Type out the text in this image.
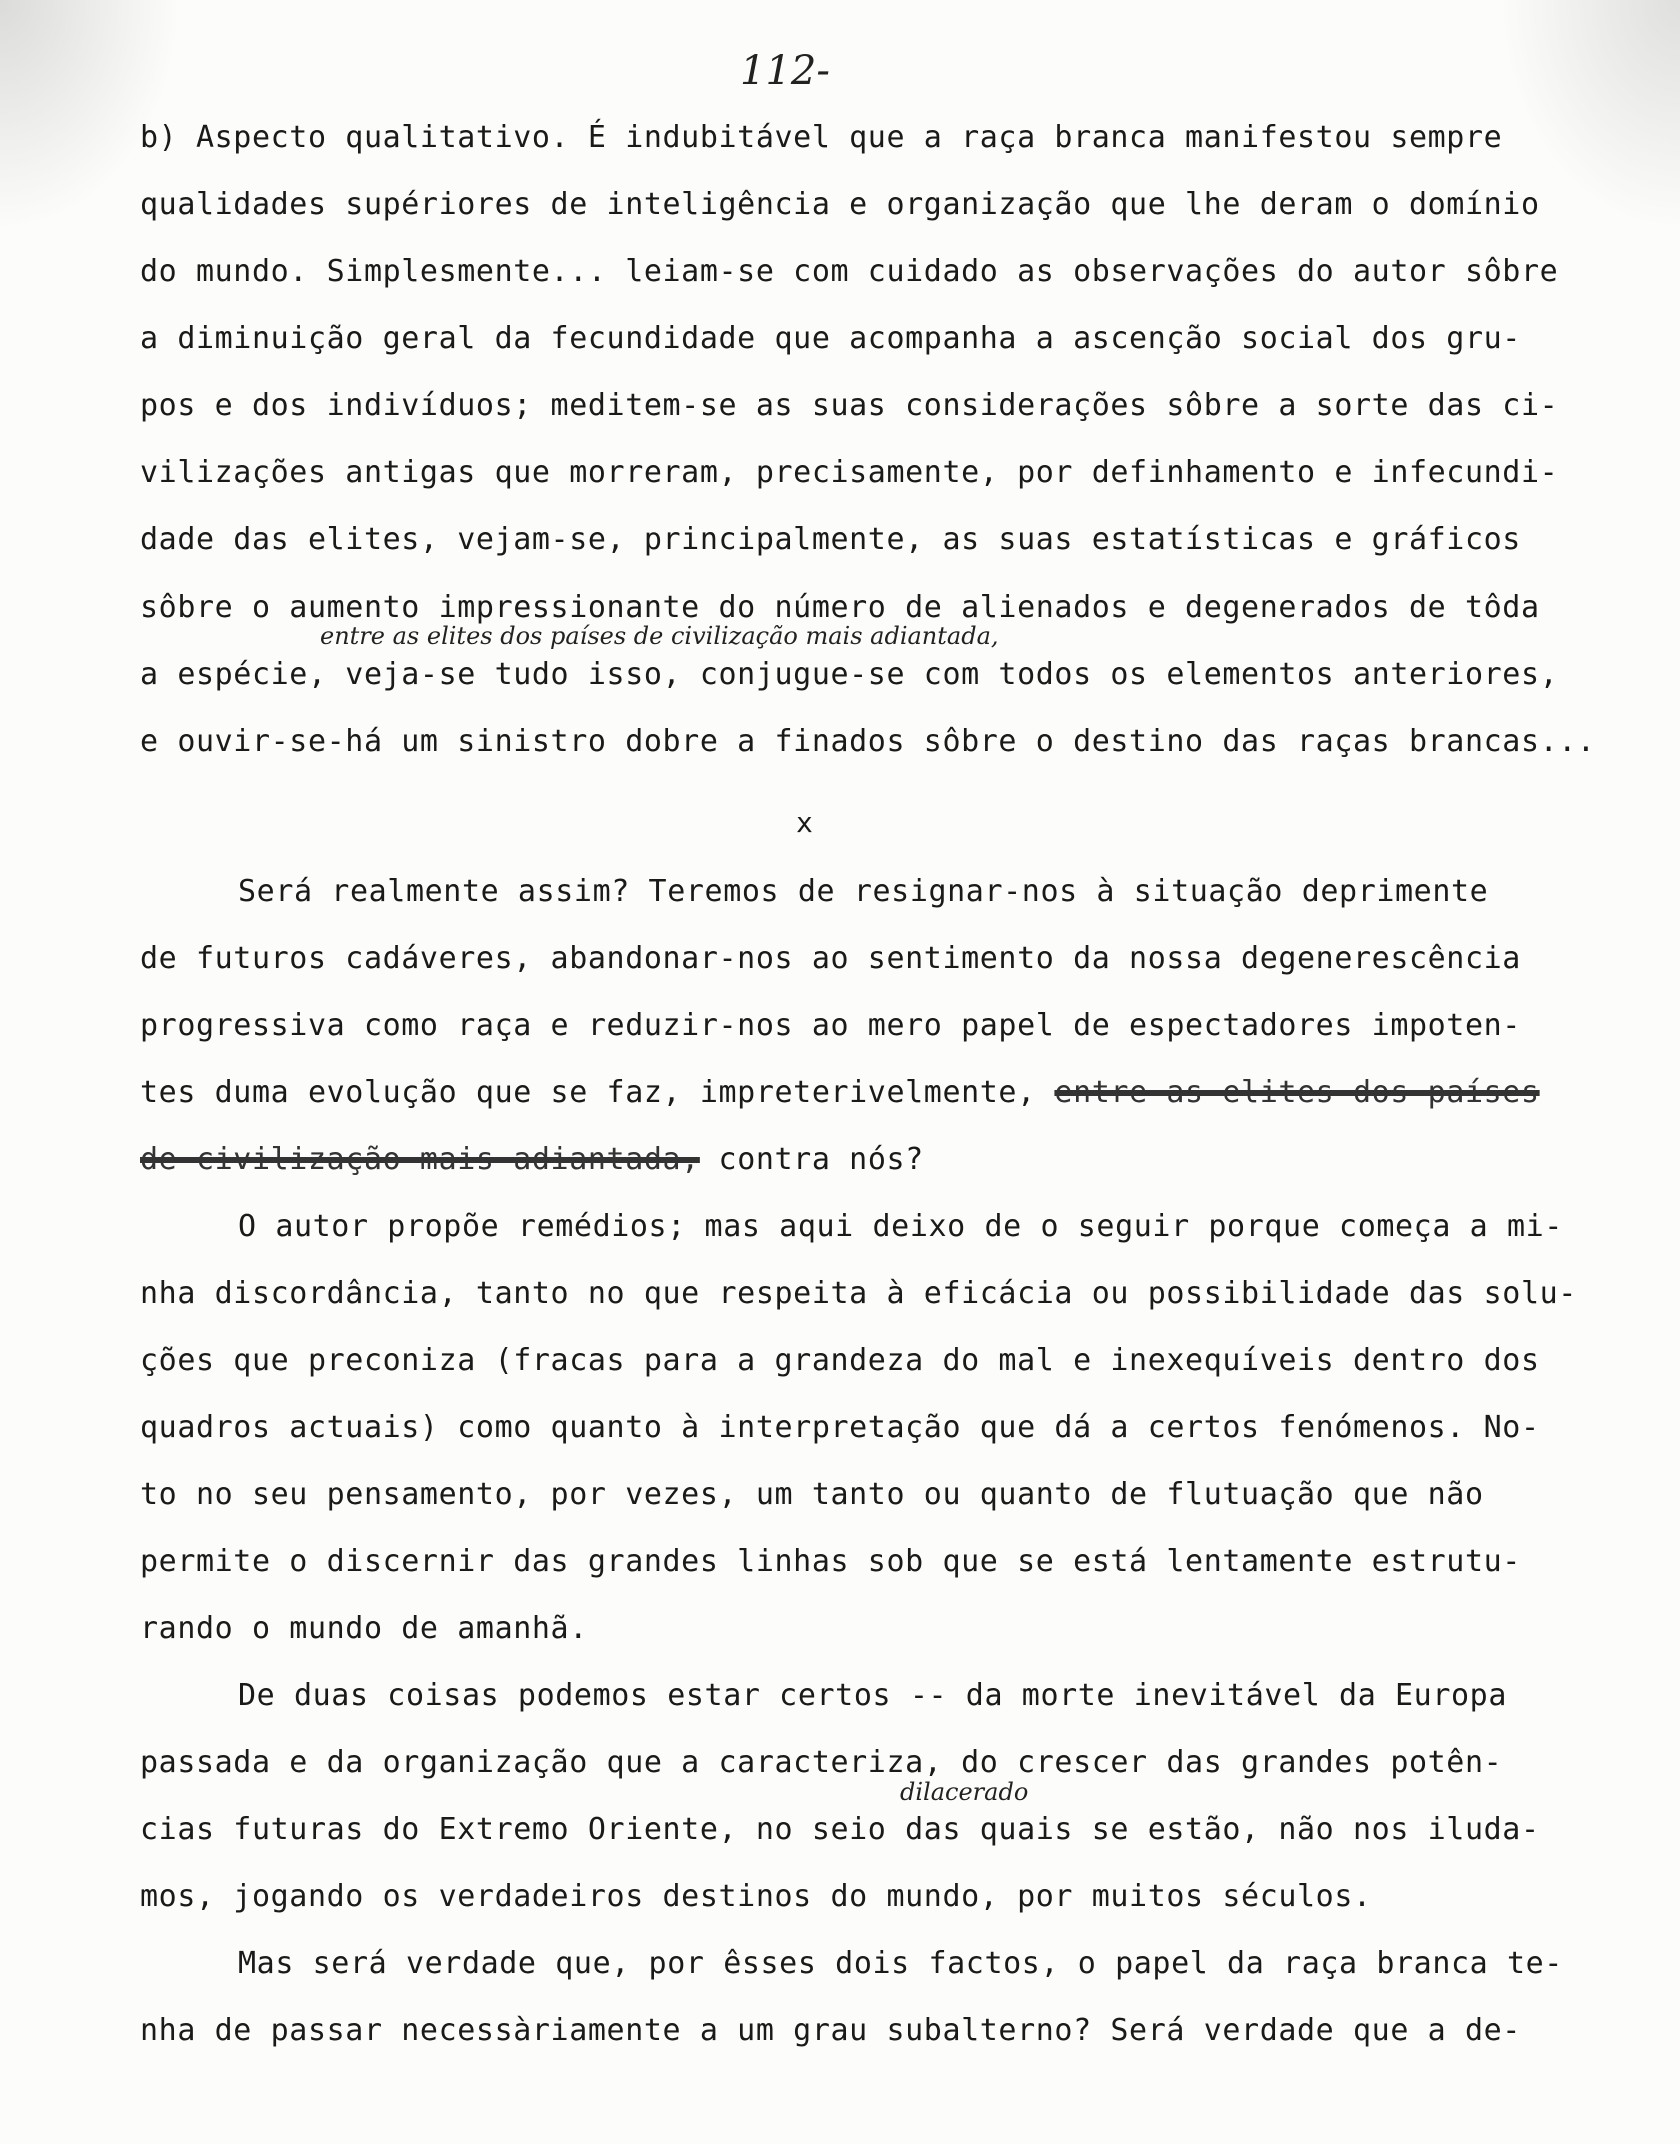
112-
b) Aspecto qualitativo. É indubitável que a raça branca manifestou sempre
qualidades supériores de inteligência e organização que lhe deram o domínio
do mundo. Simplesmente... leiam-se com cuidado as observações do autor sôbre
a diminuição geral da fecundidade que acompanha a ascenção social dos gru-
pos e dos indivíduos; meditem-se as suas considerações sôbre a sorte das ci-
vilizações antigas que morreram, precisamente, por definhamento e infecundi-
dade das elites, vejam-se, principalmente, as suas estatísticas e gráficos
sôbre o aumento impressionante do número de alienados e degenerados de tôda
entre as elites dos países de civilização mais adiantada,
a espécie, veja-se tudo isso, conjugue-se com todos os elementos anteriores,
e ouvir-se-há um sinistro dobre a finados sôbre o destino das raças brancas...
x
Será realmente assim? Teremos de resignar-nos à situação deprimente
de futuros cadáveres, abandonar-nos ao sentimento da nossa degenerescência
progressiva como raça e reduzir-nos ao mero papel de espectadores impoten-
tes duma evolução que se faz, impreterivelmente, entre as elites dos países
de civilização mais adiantada, contra nós?
O autor propõe remédios; mas aqui deixo de o seguir porque começa a mi-
nha discordância, tanto no que respeita à eficácia ou possibilidade das solu-
ções que preconiza (fracas para a grandeza do mal e inexequíveis dentro dos
quadros actuais) como quanto à interpretação que dá a certos fenómenos. No-
to no seu pensamento, por vezes, um tanto ou quanto de flutuação que não
permite o discernir das grandes linhas sob que se está lentamente estrutu-
rando o mundo de amanhã.
De duas coisas podemos estar certos -- da morte inevitável da Europa
passada e da organização que a caracteriza, do crescer das grandes potên-
dilacerado
cias futuras do Extremo Oriente, no seio das quais se estão, não nos iluda-
mos, jogando os verdadeiros destinos do mundo, por muitos séculos.
Mas será verdade que, por êsses dois factos, o papel da raça branca te-
nha de passar necessàriamente a um grau subalterno? Será verdade que a de-
